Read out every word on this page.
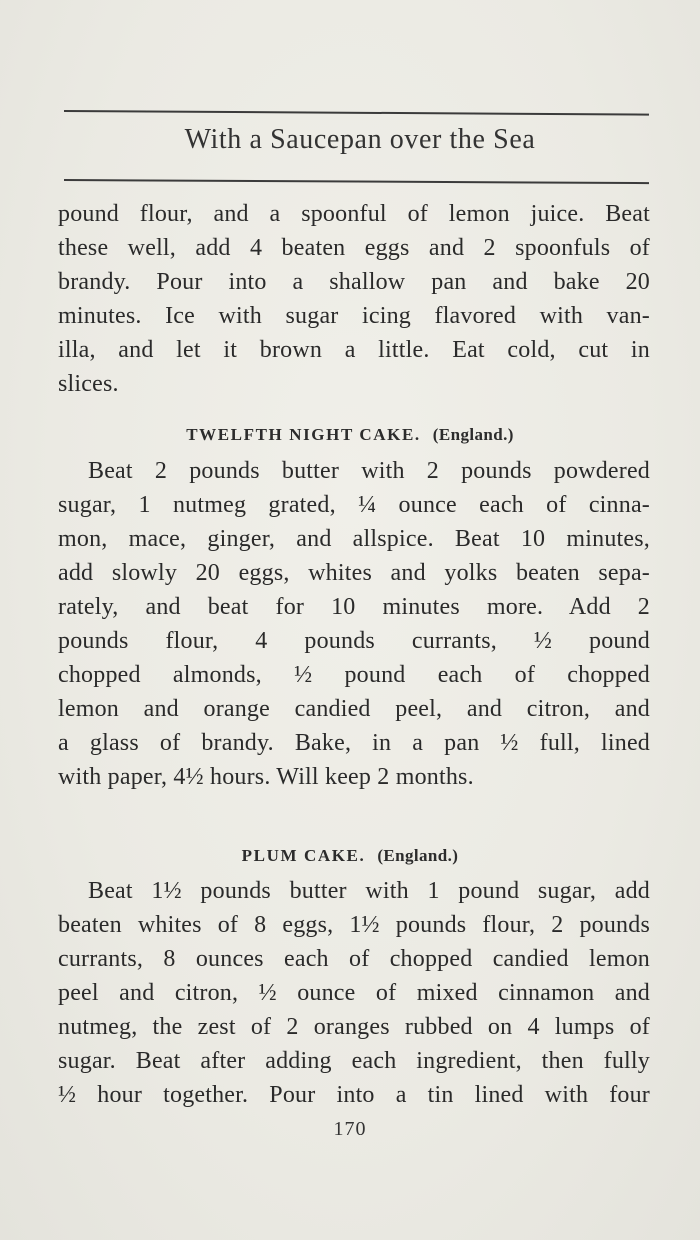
With a Saucepan over the Sea

pound flour, and a spoonful of lemon juice. Beat
these well, add 4 beaten eggs and 2 spoonfuls of
brandy. Pour into a shallow pan and bake 20
minutes. Ice with sugar icing flavored with van-
illa, and let it brown a little. Eat cold, cut in
slices.

TWELFTH NIGHT CAKE. (England.)

Beat 2 pounds butter with 2 pounds powdered
sugar, 1 nutmeg grated, ¼ ounce each of cinna-
mon, mace, ginger, and allspice. Beat 10 minutes,
add slowly 20 eggs, whites and yolks beaten sepa-
rately, and beat for 10 minutes more. Add 2
pounds flour, 4 pounds currants, ½ pound
chopped almonds, ½ pound each of chopped
lemon and orange candied peel, and citron, and
a glass of brandy. Bake, in a pan ½ full, lined
with paper, 4½ hours. Will keep 2 months.

PLUM CAKE. (England.)

Beat 1½ pounds butter with 1 pound sugar, add
beaten whites of 8 eggs, 1½ pounds flour, 2 pounds
currants, 8 ounces each of chopped candied lemon
peel and citron, ½ ounce of mixed cinnamon and
nutmeg, the zest of 2 oranges rubbed on 4 lumps of
sugar. Beat after adding each ingredient, then fully
½ hour together. Pour into a tin lined with four

170
